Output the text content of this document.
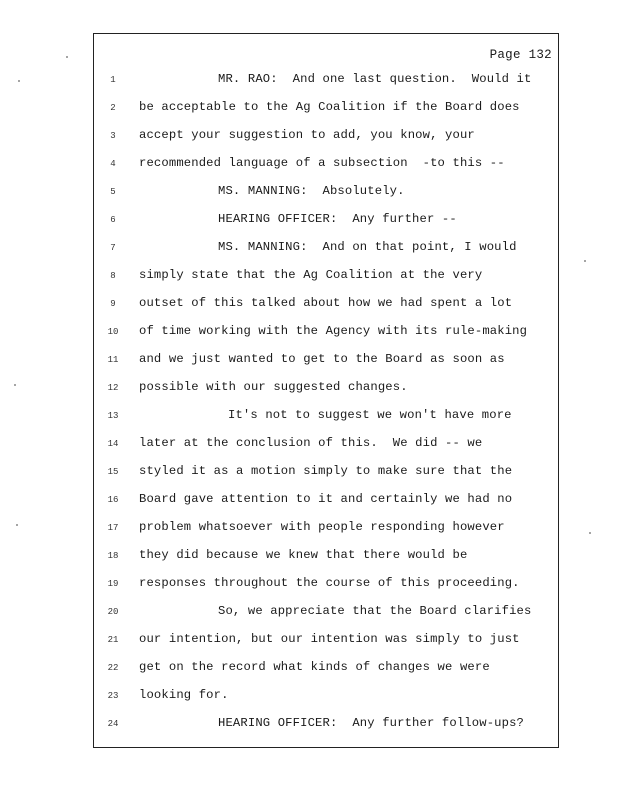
Page 132
1	MR. RAO:  And one last question.  Would it
2	be acceptable to the Ag Coalition if the Board does
3	accept your suggestion to add, you know, your
4	recommended language of a subsection  -to this --
5	MS. MANNING:  Absolutely.
6	HEARING OFFICER:  Any further --
7	MS. MANNING:  And on that point, I would
8	simply state that the Ag Coalition at the very
9	outset of this talked about how we had spent a lot
10 of time working with the Agency with its rule-making
11 and we just wanted to get to the Board as soon as
12 possible with our suggested changes.
13	It's not to suggest we won't have more
14 later at the conclusion of this.  We did -- we
15 styled it as a motion simply to make sure that the
16 Board gave attention to it and certainly we had no
17 problem whatsoever with people responding however
18 they did because we knew that there would be
19 responses throughout the course of this proceeding.
20	So, we appreciate that the Board clarifies
21 our intention, but our intention was simply to just
22 get on the record what kinds of changes we were
23 looking for.
24	HEARING OFFICER:  Any further follow-ups?
